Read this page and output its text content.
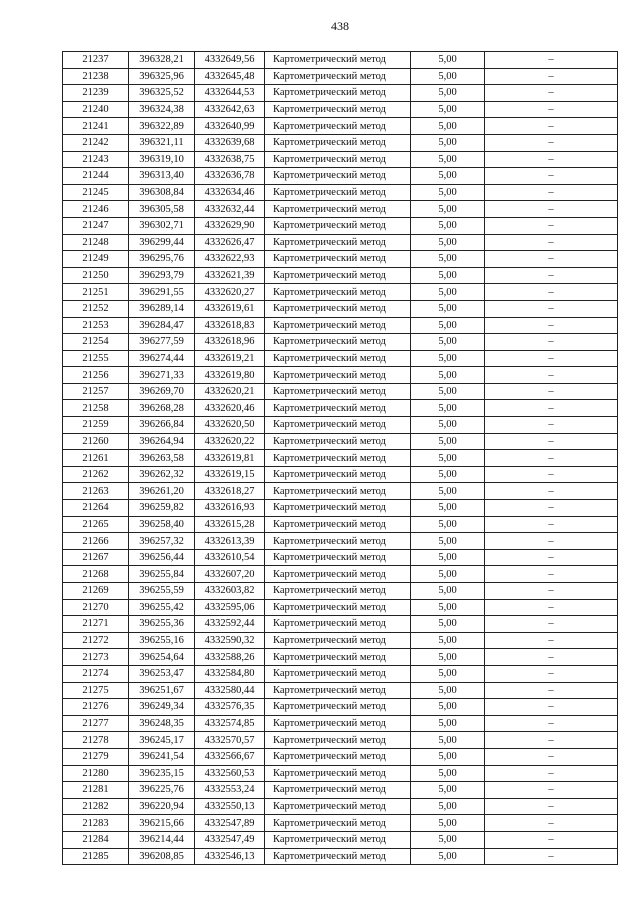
438
21237	396328,21	4332649,56	Картометрический метод	5,00	–
21238	396325,96	4332645,48	Картометрический метод	5,00	–
21239	396325,52	4332644,53	Картометрический метод	5,00	–
21240	396324,38	4332642,63	Картометрический метод	5,00	–
21241	396322,89	4332640,99	Картометрический метод	5,00	–
21242	396321,11	4332639,68	Картометрический метод	5,00	–
21243	396319,10	4332638,75	Картометрический метод	5,00	–
21244	396313,40	4332636,78	Картометрический метод	5,00	–
21245	396308,84	4332634,46	Картометрический метод	5,00	–
21246	396305,58	4332632,44	Картометрический метод	5,00	–
21247	396302,71	4332629,90	Картометрический метод	5,00	–
21248	396299,44	4332626,47	Картометрический метод	5,00	–
21249	396295,76	4332622,93	Картометрический метод	5,00	–
21250	396293,79	4332621,39	Картометрический метод	5,00	–
21251	396291,55	4332620,27	Картометрический метод	5,00	–
21252	396289,14	4332619,61	Картометрический метод	5,00	–
21253	396284,47	4332618,83	Картометрический метод	5,00	–
21254	396277,59	4332618,96	Картометрический метод	5,00	–
21255	396274,44	4332619,21	Картометрический метод	5,00	–
21256	396271,33	4332619,80	Картометрический метод	5,00	–
21257	396269,70	4332620,21	Картометрический метод	5,00	–
21258	396268,28	4332620,46	Картометрический метод	5,00	–
21259	396266,84	4332620,50	Картометрический метод	5,00	–
21260	396264,94	4332620,22	Картометрический метод	5,00	–
21261	396263,58	4332619,81	Картометрический метод	5,00	–
21262	396262,32	4332619,15	Картометрический метод	5,00	–
21263	396261,20	4332618,27	Картометрический метод	5,00	–
21264	396259,82	4332616,93	Картометрический метод	5,00	–
21265	396258,40	4332615,28	Картометрический метод	5,00	–
21266	396257,32	4332613,39	Картометрический метод	5,00	–
21267	396256,44	4332610,54	Картометрический метод	5,00	–
21268	396255,84	4332607,20	Картометрический метод	5,00	–
21269	396255,59	4332603,82	Картометрический метод	5,00	–
21270	396255,42	4332595,06	Картометрический метод	5,00	–
21271	396255,36	4332592,44	Картометрический метод	5,00	–
21272	396255,16	4332590,32	Картометрический метод	5,00	–
21273	396254,64	4332588,26	Картометрический метод	5,00	–
21274	396253,47	4332584,80	Картометрический метод	5,00	–
21275	396251,67	4332580,44	Картометрический метод	5,00	–
21276	396249,34	4332576,35	Картометрический метод	5,00	–
21277	396248,35	4332574,85	Картометрический метод	5,00	–
21278	396245,17	4332570,57	Картометрический метод	5,00	–
21279	396241,54	4332566,67	Картометрический метод	5,00	–
21280	396235,15	4332560,53	Картометрический метод	5,00	–
21281	396225,76	4332553,24	Картометрический метод	5,00	–
21282	396220,94	4332550,13	Картометрический метод	5,00	–
21283	396215,66	4332547,89	Картометрический метод	5,00	–
21284	396214,44	4332547,49	Картометрический метод	5,00	–
21285	396208,85	4332546,13	Картометрический метод	5,00	–
